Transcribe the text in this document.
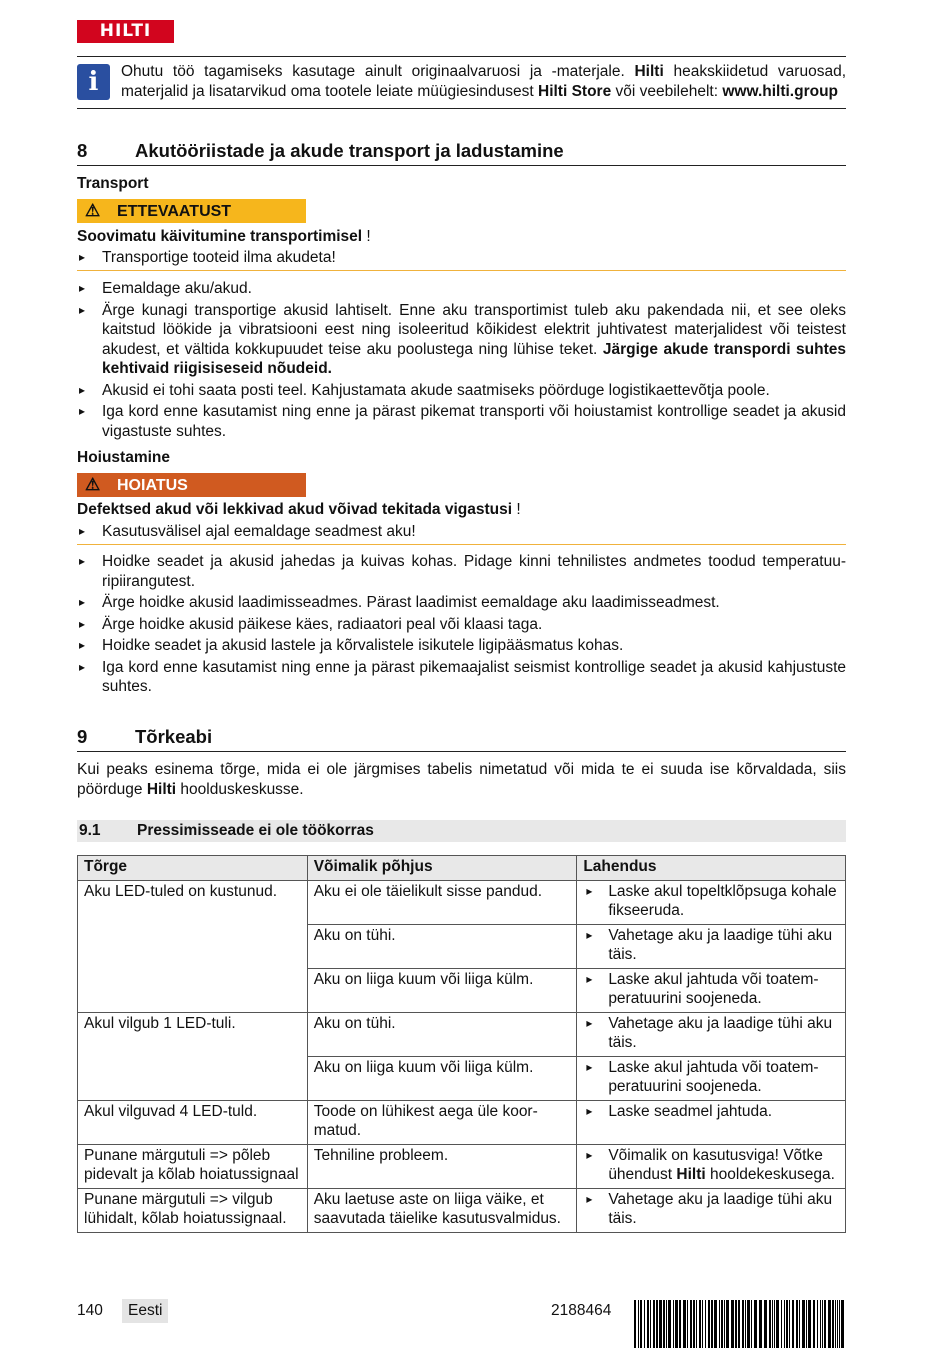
HILTI
i	Ohutu töö tagamiseks kasutage ainult originaalvaruosi ja -materjale. Hilti heakskiidetud varuosad, materjalid ja lisatarvikud oma tootele leiate müügiesindusest Hilti Store või veebilehelt: www.hilti.group
8	Akutööriistade ja akude transport ja ladustamine
Transport
⚠ ETTEVAATUST
Soovimatu käivitumine transportimisel !
▸ Transportige tooteid ilma akudeta!
▸ Eemaldage aku/akud.
▸ Ärge kunagi transportige akusid lahtiselt. Enne aku transportimist tuleb aku pakendada nii, et see oleks kaitstud löökide ja vibratsiooni eest ning isoleeritud kõikidest elektrit juhtivatest materjalidest või teistest akudest, et vältida kokkupuudet teise aku poolustega ning lühise teket. Järgige akude transpordi suhtes kehtivaid riigisiseseid nõudeid.
▸ Akusid ei tohi saata posti teel. Kahjustamata akude saatmiseks pöörduge logistikaettevõtja poole.
▸ Iga kord enne kasutamist ning enne ja pärast pikemat transporti või hoiustamist kontrollige seadet ja akusid vigastuste suhtes.
Hoiustamine
⚠ HOIATUS
Defektsed akud või lekkivad akud võivad tekitada vigastusi !
▸ Kasutusvälisel ajal eemaldage seadmest aku!
▸ Hoidke seadet ja akusid jahedas ja kuivas kohas. Pidage kinni tehnilistes andmetes toodud temperatuuripiirangutest.
▸ Ärge hoidke akusid laadimisseadmes. Pärast laadimist eemaldage aku laadimisseadmest.
▸ Ärge hoidke akusid päikese käes, radiaatori peal või klaasi taga.
▸ Hoidke seadet ja akusid lastele ja kõrvalistele isikutele ligipääsmatus kohas.
▸ Iga kord enne kasutamist ning enne ja pärast pikemaajalist seismist kontrollige seadet ja akusid kahjustuste suhtes.
9	Tõrkeabi
Kui peaks esinema tõrge, mida ei ole järgmises tabelis nimetatud või mida te ei suuda ise kõrvaldada, siis pöörduge Hilti hoolduskeskusse.
9.1 Pressimisseade ei ole töökorras
Tõrge	Võimalik põhjus	Lahendus
Aku LED-tuled on kustunud.	Aku ei ole täielikult sisse pandud.	▸ Laske akul topeltklõpsuga kohale fikseeruda.
	Aku on tühi.	▸ Vahetage aku ja laadige tühi aku täis.
	Aku on liiga kuum või liiga külm.	▸ Laske akul jahtuda või toatemperatuurini soojeneda.
Akul vilgub 1 LED-tuli.	Aku on tühi.	▸ Vahetage aku ja laadige tühi aku täis.
	Aku on liiga kuum või liiga külm.	▸ Laske akul jahtuda või toatemperatuurini soojeneda.
Akul vilguvad 4 LED-tuld.	Toode on lühikest aega üle koormatud.	▸ Laske seadmel jahtuda.
Punane märgutuli => põleb pidevalt ja kõlab hoiatussignaal	Tehniline probleem.	▸ Võimalik on kasutusviga! Võtke ühendust Hilti hooldekeskusega.
Punane märgutuli => vilgub lühidalt, kõlab hoiatussignaal.	Aku laetuse aste on liiga väike, et saavutada täielike kasutusvalmidus.	▸ Vahetage aku ja laadige tühi aku täis.
140	Eesti	2188464
